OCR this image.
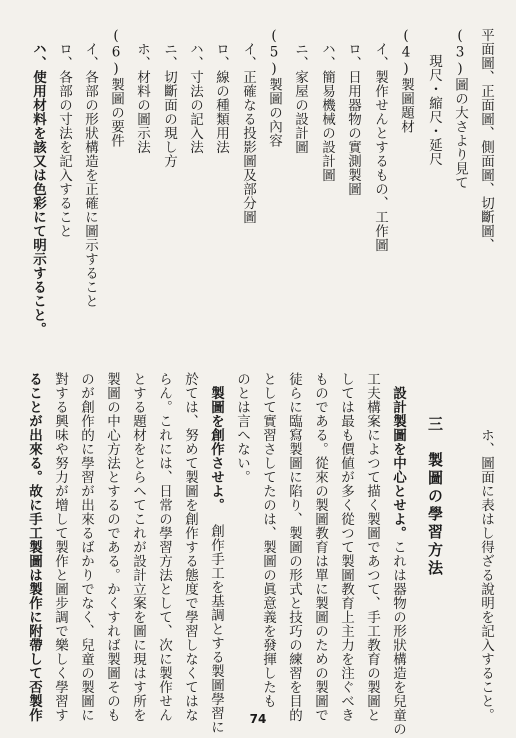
平面圖、正面圖、側面圖、切斷圖、
(3)圖の大さより見て
現尺・縮尺・延尺
(4)製圖題材
イ、製作せんとするもの、工作圖
ロ、日用器物の實測製圖
ハ、簡易機械の設計圖
ニ、家屋の設計圖
(5)製圖の內容
イ、正確なる投影圖及部分圖
ロ、線の種類用法
ハ、寸法の記入法
ニ、切斷面の現し方
ホ、材料の圖示法
(6)製圖の要件
イ、各部の形狀構造を正確に圖示すること
ロ、各部の寸法を記入すること
ハ、使用材料を該又は色彩にて明示すること。
ホ、圖面に表はし得ざる說明を記入すること。
三　製圖の學習方法
設計製圖を中心とせよ。これは器物の形狀構造を兒童の
工夫構案によつて描く製圖であつて、手工教育の製圖と
しては最も價値が多く從つて製圖教育上主力を注ぐべき
ものである。從來の製圖教育は單に製圖のための製圖で
徒らに臨寫製圖に陷り、製圖の形式と技巧の練習を目的
として實習さしてたのは、製圖の眞意義を發揮したも
のとは言へない。
製圖を創作させよ。創作手工を基調とする製圖學習に
於ては、努めて製圖を創作する態度で學習しなくてはな
らん。これには、日常の學習方法として、次に製作せん
とする題材をとらへてこれが設計立案を圖に現はす所を
製圖の中心方法とするのである。かくすれば製圖そのも
のが創作的に學習が出來るばかりでなく、兒童の製圖に
對する興味や努力が增して製作と圖步調で樂しく學習す
ることが出來る。故に手工製圖は製作に附帶して否製作	74
